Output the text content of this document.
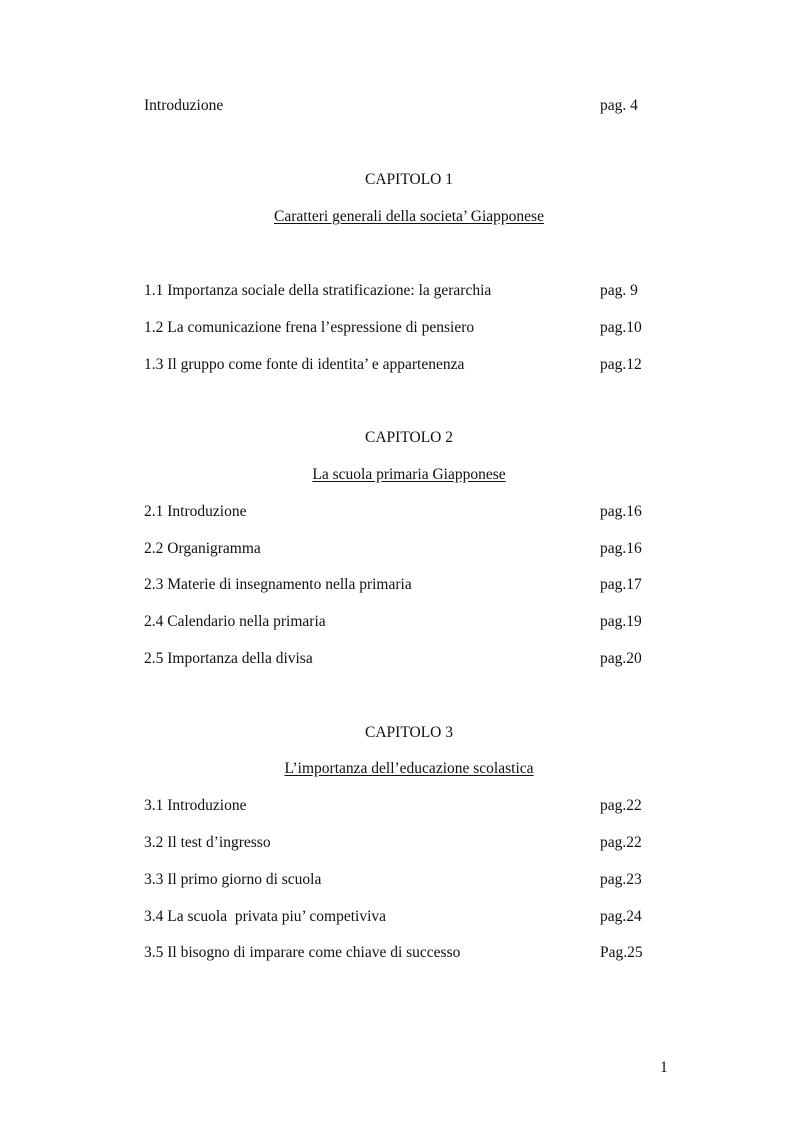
Introduzione	pag. 4
CAPITOLO 1
Caratteri generali della societa’ Giapponese
1.1 Importanza sociale della stratificazione: la gerarchia	pag. 9
1.2 La comunicazione frena l’espressione di pensiero	pag.10
1.3 Il gruppo come fonte di identita’ e appartenenza	pag.12
CAPITOLO 2
La scuola primaria Giapponese
2.1 Introduzione	pag.16
2.2 Organigramma	pag.16
2.3 Materie di insegnamento nella primaria	pag.17
2.4 Calendario nella primaria	pag.19
2.5 Importanza della divisa	pag.20
CAPITOLO 3
L’importanza dell’educazione scolastica
3.1 Introduzione	pag.22
3.2 Il test d’ingresso	pag.22
3.3 Il primo giorno di scuola	pag.23
3.4 La scuola  privata piu’ competiviva	pag.24
3.5 Il bisogno di imparare come chiave di successo	Pag.25
1
